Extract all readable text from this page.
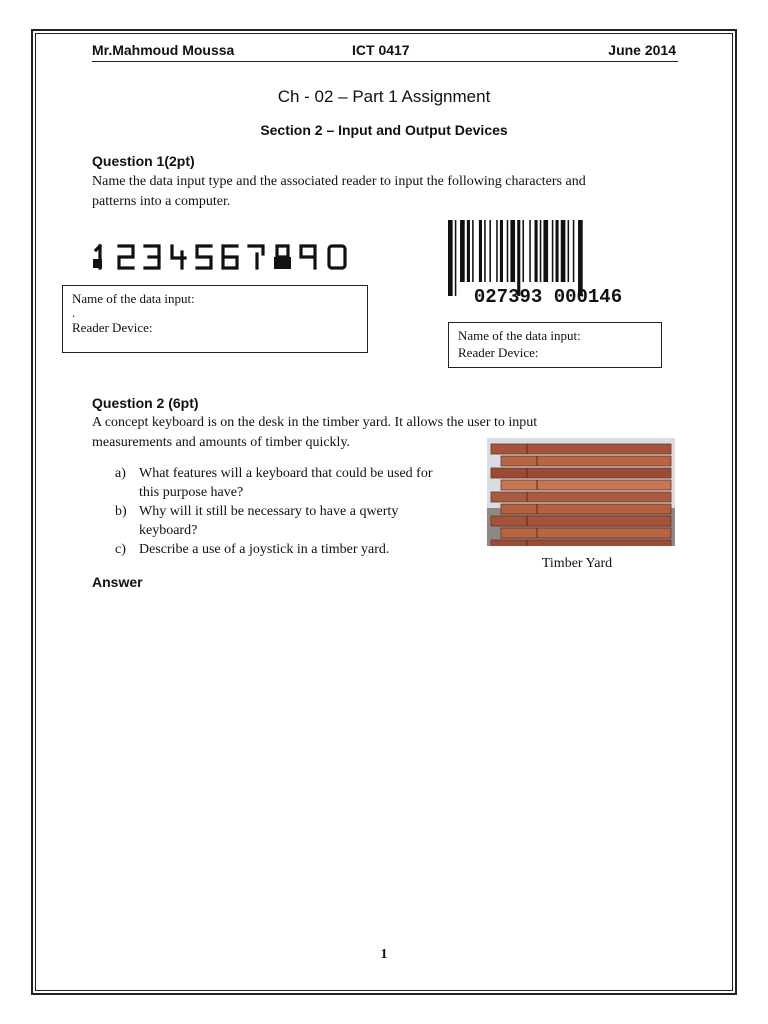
Mr.Mahmoud Moussa	ICT 0417	June 2014
Ch - 02 – Part 1 Assignment
Section 2 – Input and Output Devices
Question 1(2pt)
Name the data input type and the associated reader to input the following characters and
patterns into a computer.
027393 000146
Name of the data input:
.
Reader Device:
Name of the data input:
Reader Device:
Question 2 (6pt)
A concept keyboard is on the desk in the timber yard. It allows the user to input
measurements and amounts of timber quickly.
a) What features will a keyboard that could be used for
this purpose have?
b) Why will it still be necessary to have a qwerty
keyboard?
c) Describe a use of a joystick in a timber yard.
Timber Yard
Answer
1
